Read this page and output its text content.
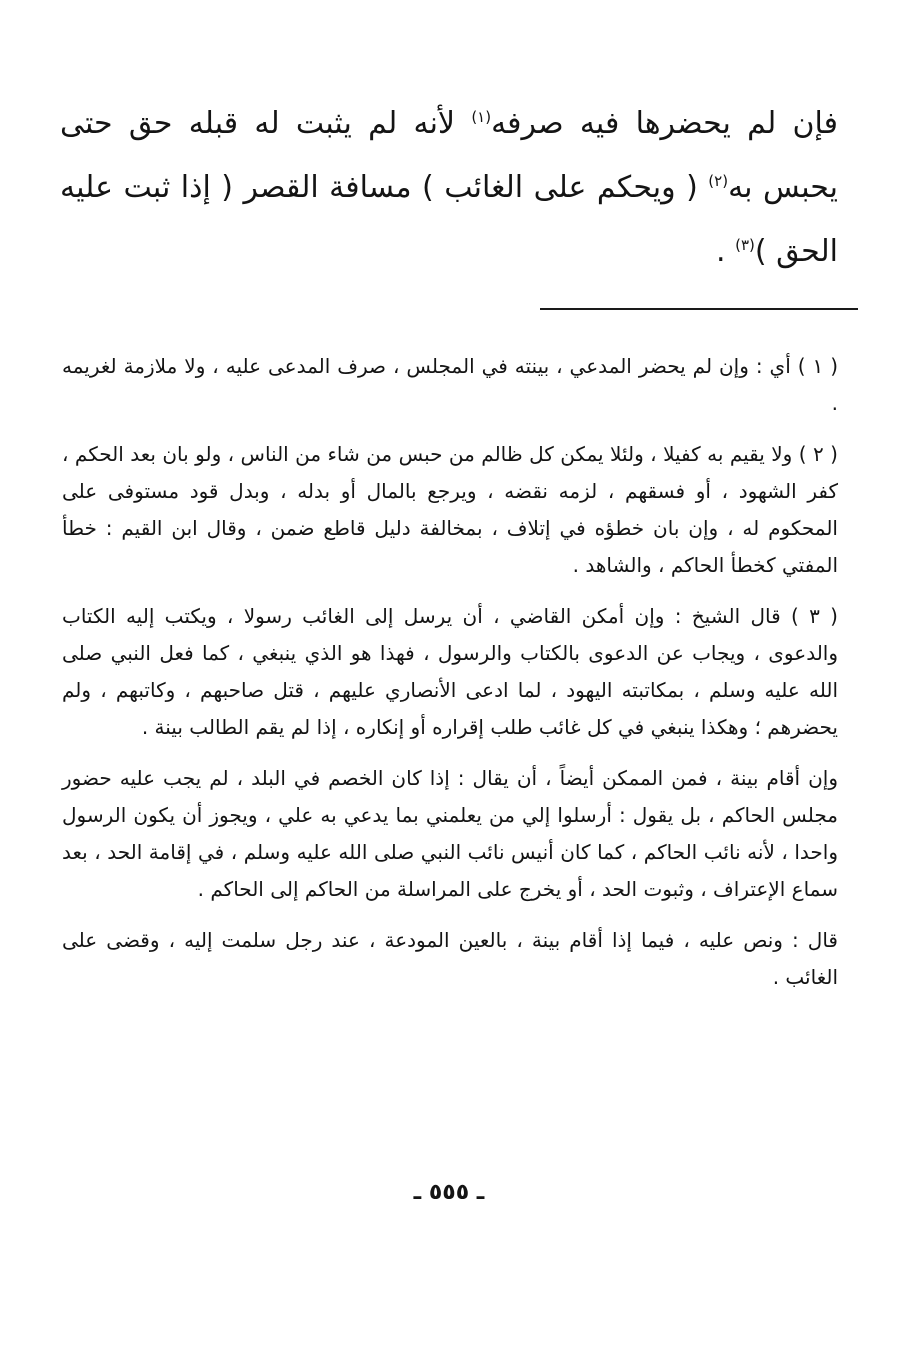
فإن لم يحضرها فيه صرفه$^{(١)}$ لأنه لم يثبت له قبله حق حتى يحبس به$^{(٢)}$ ( ويحكم على الغائب ) مسافة القصر ( إذا ثبت عليه الحق )$^{(٣)}$ .

( ١ ) أي : وإن لم يحضر المدعي ، بينته في المجلس ، صرف المدعى عليه ، ولا ملازمة لغريمه .

( ٢ ) ولا يقيم به كفيلا ، ولئلا يمكن كل ظالم من حبس من شاء من الناس ، ولو بان بعد الحكم ، كفر الشهود ، أو فسقهم ، لزمه نقضه ، ويرجع بالمال أو بدله ، وبدل قود مستوفى على المحكوم له ، وإن بان خطؤه في إتلاف ، بمخالفة دليل قاطع ضمن ، وقال ابن القيم : خطأ المفتي كخطأ الحاكم ، والشاهد .

( ٣ ) قال الشيخ : وإن أمكن القاضي ، أن يرسل إلى الغائب رسولا ، ويكتب إليه الكتاب والدعوى ، ويجاب عن الدعوى بالكتاب والرسول ، فهذا هو الذي ينبغي ، كما فعل النبي صلى الله عليه وسلم ، بمكاتبته اليهود ، لما ادعى الأنصاري عليهم ، قتل صاحبهم ، وكاتبهم ، ولم يحضرهم ؛ وهكذا ينبغي في كل غائب طلب إقراره أو إنكاره ، إذا لم يقم الطالب بينة .

وإن أقام بينة ، فمن الممكن أيضاً ، أن يقال : إذا كان الخصم في البلد ، لم يجب عليه حضور مجلس الحاكم ، بل يقول : أرسلوا إلي من يعلمني بما يدعي به علي ، ويجوز أن يكون الرسول واحدا ، لأنه نائب الحاكم ، كما كان أنيس نائب النبي صلى الله عليه وسلم ، في إقامة الحد ، بعد سماع الإعتراف ، وثبوت الحد ، أو يخرج على المراسلة من الحاكم إلى الحاكم .

قال : ونص عليه ، فيما إذا أقام بينة ، بالعين المودعة ، عند رجل سلمت إليه ، وقضى على الغائب .

ـ ٥٥٥ ـ
